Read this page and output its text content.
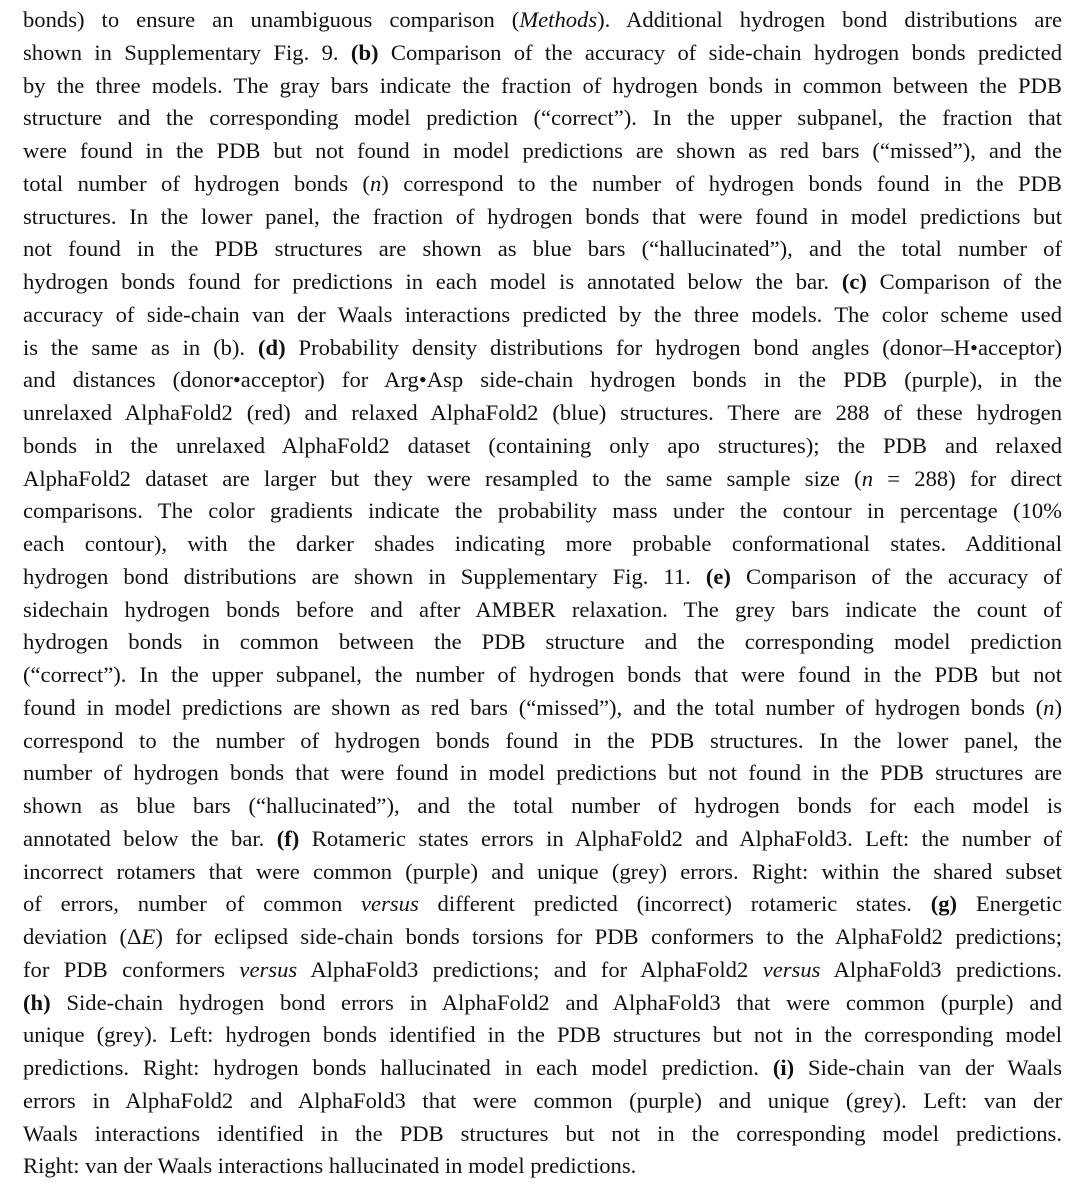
bonds) to ensure an unambiguous comparison (Methods). Additional hydrogen bond distributions are
shown in Supplementary Fig. 9. (b) Comparison of the accuracy of side-chain hydrogen bonds predicted
by the three models. The gray bars indicate the fraction of hydrogen bonds in common between the PDB
structure and the corresponding model prediction (“correct”). In the upper subpanel, the fraction that
were found in the PDB but not found in model predictions are shown as red bars (“missed”), and the
total number of hydrogen bonds (n) correspond to the number of hydrogen bonds found in the PDB
structures. In the lower panel, the fraction of hydrogen bonds that were found in model predictions but
not found in the PDB structures are shown as blue bars (“hallucinated”), and the total number of
hydrogen bonds found for predictions in each model is annotated below the bar. (c) Comparison of the
accuracy of side-chain van der Waals interactions predicted by the three models. The color scheme used
is the same as in (b). (d) Probability density distributions for hydrogen bond angles (donor–H•acceptor)
and distances (donor•acceptor) for Arg•Asp side-chain hydrogen bonds in the PDB (purple), in the
unrelaxed AlphaFold2 (red) and relaxed AlphaFold2 (blue) structures. There are 288 of these hydrogen
bonds in the unrelaxed AlphaFold2 dataset (containing only apo structures); the PDB and relaxed
AlphaFold2 dataset are larger but they were resampled to the same sample size (n = 288) for direct
comparisons. The color gradients indicate the probability mass under the contour in percentage (10%
each contour), with the darker shades indicating more probable conformational states. Additional
hydrogen bond distributions are shown in Supplementary Fig. 11. (e) Comparison of the accuracy of
sidechain hydrogen bonds before and after AMBER relaxation. The grey bars indicate the count of
hydrogen bonds in common between the PDB structure and the corresponding model prediction
(“correct”). In the upper subpanel, the number of hydrogen bonds that were found in the PDB but not
found in model predictions are shown as red bars (“missed”), and the total number of hydrogen bonds (n)
correspond to the number of hydrogen bonds found in the PDB structures. In the lower panel, the
number of hydrogen bonds that were found in model predictions but not found in the PDB structures are
shown as blue bars (“hallucinated”), and the total number of hydrogen bonds for each model is
annotated below the bar. (f) Rotameric states errors in AlphaFold2 and AlphaFold3. Left: the number of
incorrect rotamers that were common (purple) and unique (grey) errors. Right: within the shared subset
of errors, number of common versus different predicted (incorrect) rotameric states. (g) Energetic
deviation (ΔE) for eclipsed side-chain bonds torsions for PDB conformers to the AlphaFold2 predictions;
for PDB conformers versus AlphaFold3 predictions; and for AlphaFold2 versus AlphaFold3 predictions.
(h) Side-chain hydrogen bond errors in AlphaFold2 and AlphaFold3 that were common (purple) and
unique (grey). Left: hydrogen bonds identified in the PDB structures but not in the corresponding model
predictions. Right: hydrogen bonds hallucinated in each model prediction. (i) Side-chain van der Waals
errors in AlphaFold2 and AlphaFold3 that were common (purple) and unique (grey). Left: van der
Waals interactions identified in the PDB structures but not in the corresponding model predictions.
Right: van der Waals interactions hallucinated in model predictions.
